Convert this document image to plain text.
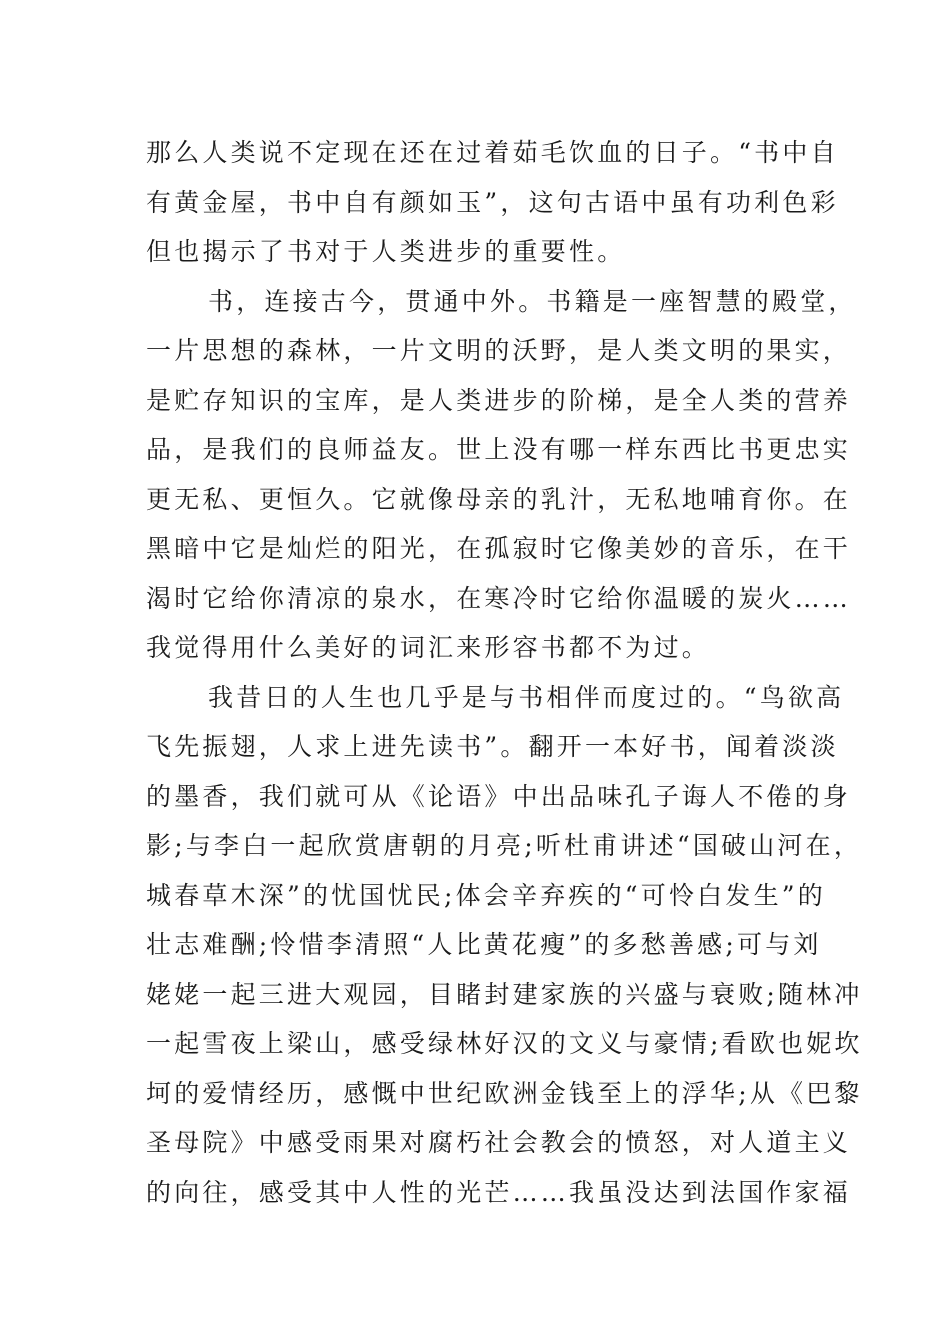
那么人类说不定现在还在过着茹毛饮血的日子。“书中自
有黄金屋，书中自有颜如玉”，这句古语中虽有功利色彩
但也揭示了书对于人类进步的重要性。
书，连接古今，贯通中外。书籍是一座智慧的殿堂，
一片思想的森林，一片文明的沃野，是人类文明的果实，
是贮存知识的宝库，是人类进步的阶梯，是全人类的营养
品，是我们的良师益友。世上没有哪一样东西比书更忠实
更无私、更恒久。它就像母亲的乳汁，无私地哺育你。在
黑暗中它是灿烂的阳光，在孤寂时它像美妙的音乐，在干
渴时它给你清凉的泉水，在寒冷时它给你温暖的炭火……
我觉得用什么美好的词汇来形容书都不为过。
我昔日的人生也几乎是与书相伴而度过的。“鸟欲高
飞先振翅，人求上进先读书”。翻开一本好书，闻着淡淡
的墨香，我们就可从《论语》中出品味孔子诲人不倦的身
影;与李白一起欣赏唐朝的月亮;听杜甫讲述“国破山河在，
城春草木深”的忧国忧民;体会辛弃疾的“可怜白发生”的
壮志难酬;怜惜李清照“人比黄花瘦”的多愁善感;可与刘
姥姥一起三进大观园，目睹封建家族的兴盛与衰败;随林冲
一起雪夜上梁山，感受绿林好汉的文义与豪情;看欧也妮坎
坷的爱情经历，感慨中世纪欧洲金钱至上的浮华;从《巴黎
圣母院》中感受雨果对腐朽社会教会的愤怒，对人道主义
的向往，感受其中人性的光芒……我虽没达到法国作家福
